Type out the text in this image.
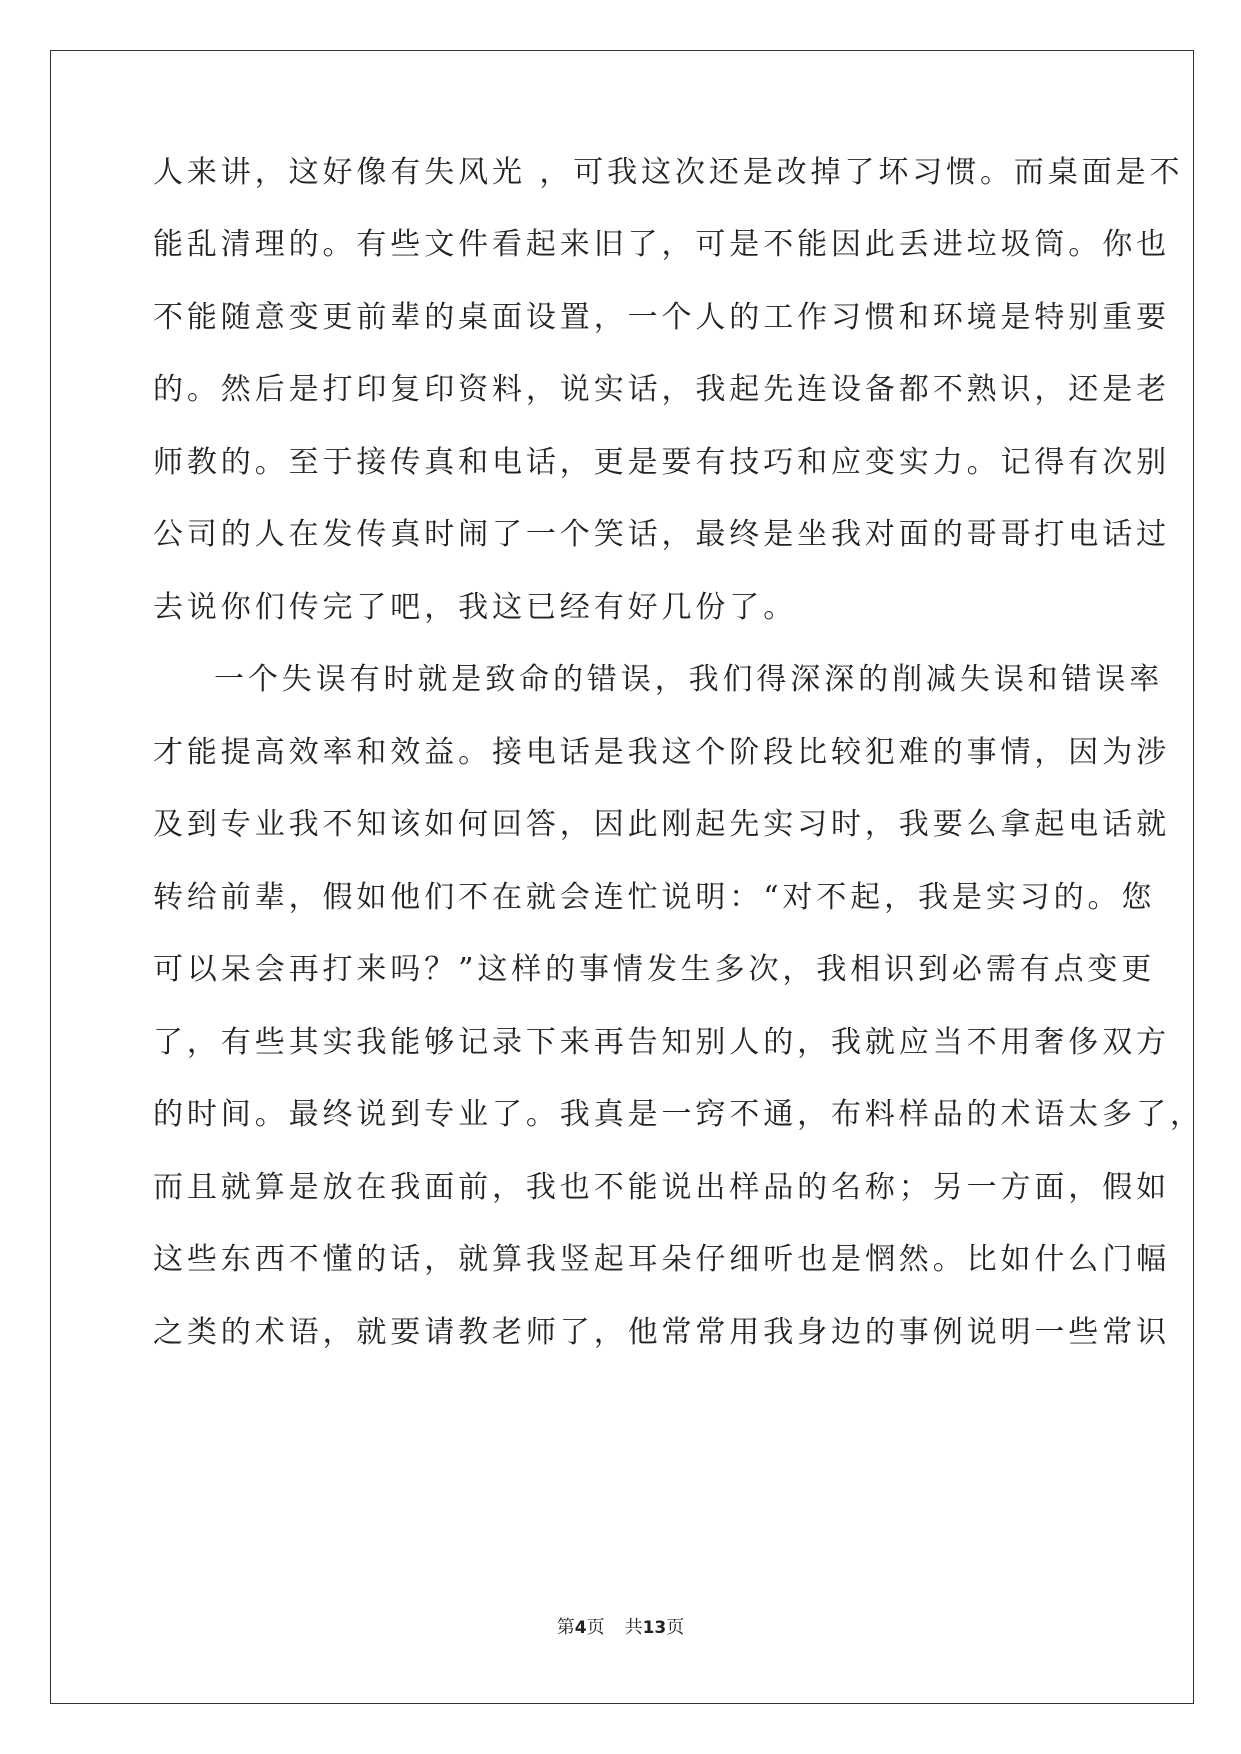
人来讲，这好像有失风光 ，可我这次还是改掉了坏习惯。而桌面是不
能乱清理的。有些文件看起来旧了，可是不能因此丢进垃圾筒。你也
不能随意变更前辈的桌面设置，一个人的工作习惯和环境是特别重要
的。然后是打印复印资料，说实话，我起先连设备都不熟识，还是老
师教的。至于接传真和电话，更是要有技巧和应变实力。记得有次别
公司的人在发传真时闹了一个笑话，最终是坐我对面的哥哥打电话过
去说你们传完了吧，我这已经有好几份了。
一个失误有时就是致命的错误，我们得深深的削减失误和错误率
才能提高效率和效益。接电话是我这个阶段比较犯难的事情，因为涉
及到专业我不知该如何回答，因此刚起先实习时，我要么拿起电话就
转给前辈，假如他们不在就会连忙说明：“对不起，我是实习的。您
可以呆会再打来吗？”这样的事情发生多次，我相识到必需有点变更
了，有些其实我能够记录下来再告知别人的，我就应当不用奢侈双方
的时间。最终说到专业了。我真是一窍不通，布料样品的术语太多了，
而且就算是放在我面前，我也不能说出样品的名称；另一方面，假如
这些东西不懂的话，就算我竖起耳朵仔细听也是惘然。比如什么门幅
之类的术语，就要请教老师了，他常常用我身边的事例说明一些常识
第4页 共13页
